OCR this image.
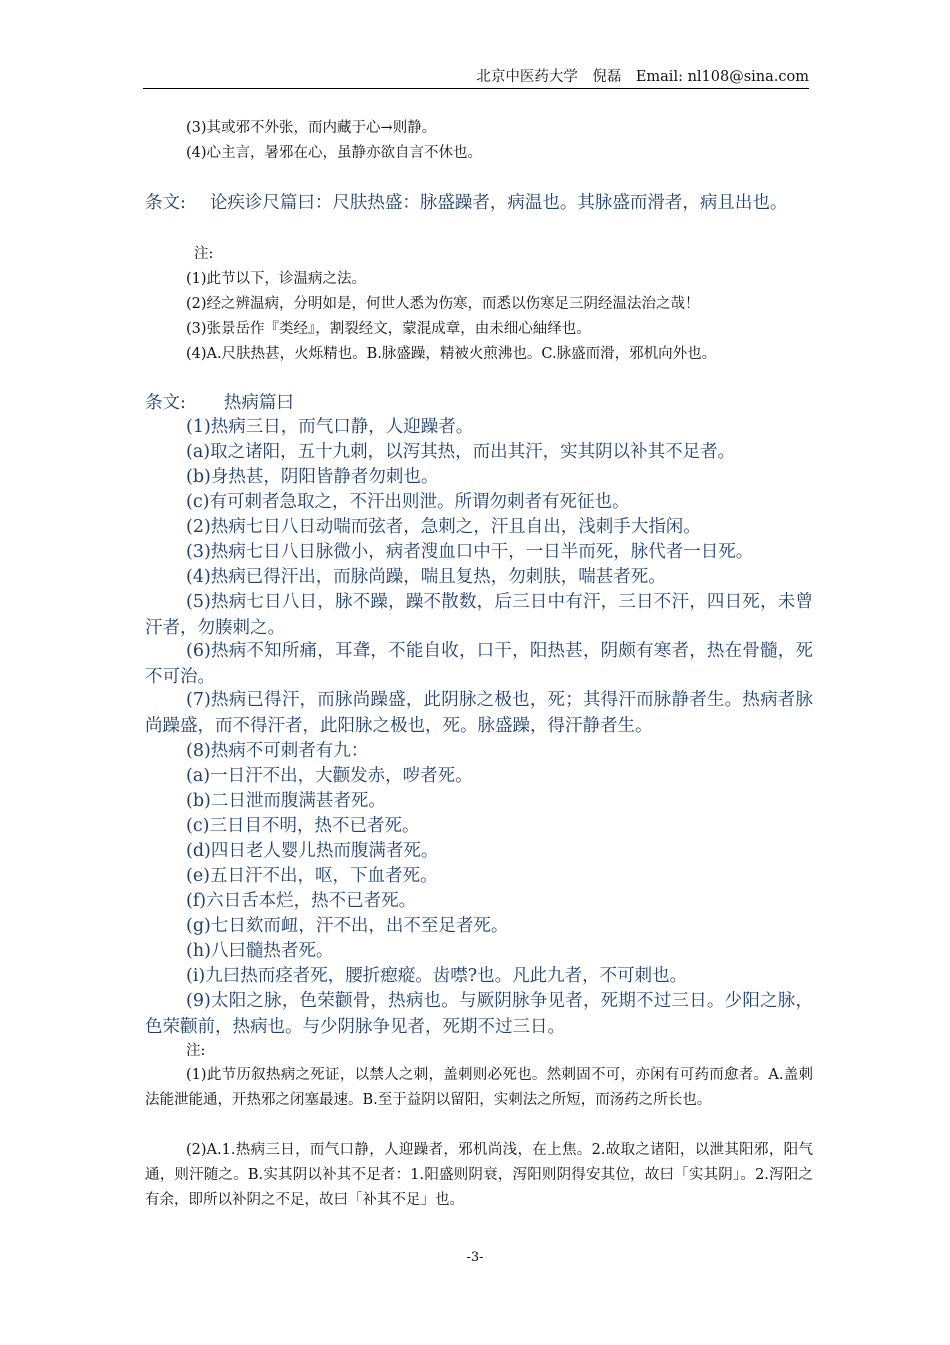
北京中医药大学　倪磊　Email: nl108@sina.com
(3)其或邪不外张，而内藏于心→则静。
(4)心主言，暑邪在心，虽静亦欲自言不休也。
条文: 论疾诊尺篇曰：尺肤热盛：脉盛躁者，病温也。其脉盛而滑者，病且出也。
注:
(1)此节以下，诊温病之法。
(2)经之辨温病，分明如是，何世人悉为伤寒，而悉以伤寒足三阴经温法治之哉！
(3)张景岳作『类经』，割裂经文，蒙混成章，由未细心紬绎也。
(4)A.尺肤热甚，火烁精也。B.脉盛躁，精被火煎沸也。C.脉盛而滑，邪机向外也。
条文: 热病篇曰
(1)热病三日，而气口静，人迎躁者。
(a)取之诸阳，五十九刺，以泻其热，而出其汗，实其阴以补其不足者。
(b)身热甚，阴阳皆静者勿刺也。
(c)有可刺者急取之，不汗出则泄。所谓勿刺者有死征也。
(2)热病七日八日动喘而弦者，急刺之，汗且自出，浅刺手大指闲。
(3)热病七日八日脉微小，病者溲血口中干，一日半而死，脉代者一日死。
(4)热病已得汗出，而脉尚躁，喘且复热，勿刺肤，喘甚者死。
(5)热病七日八日，脉不躁，躁不散数，后三日中有汗，三日不汗，四日死，未曾汗者，勿腠刺之。
(6)热病不知所痛，耳聋，不能自收，口干，阳热甚，阴颇有寒者，热在骨髓，死不可治。
(7)热病已得汗，而脉尚躁盛，此阴脉之极也，死；其得汗而脉静者生。热病者脉尚躁盛，而不得汗者，此阳脉之极也，死。脉盛躁，得汗静者生。
(8)热病不可刺者有九：
(a)一日汗不出，大颧发赤，哕者死。
(b)二日泄而腹满甚者死。
(c)三日目不明，热不已者死。
(d)四日老人婴儿热而腹满者死。
(e)五日汗不出，呕，下血者死。
(f)六日舌本烂，热不已者死。
(g)七日欬而衄，汗不出，出不至足者死。
(h)八曰髓热者死。
(i)九曰热而痉者死，腰折瘛瘲。齿噤?也。凡此九者，不可刺也。
(9)太阳之脉，色荣颧骨，热病也。与厥阴脉争见者，死期不过三日。少阳之脉，色荣颧前，热病也。与少阴脉争见者，死期不过三日。
注:
(1)此节历叙热病之死证，以禁人之刺，盖刺则必死也。然刺固不可，亦闲有可药而愈者。A.盖刺法能泄能通，开热邪之闭塞最速。B.至于益阴以留阳，实刺法之所短，而汤药之所长也。
(2)A.1.热病三日，而气口静，人迎躁者，邪机尚浅，在上焦。2.故取之诸阳，以泄其阳邪，阳气通，则汗随之。B.实其阴以补其不足者：1.阳盛则阴衰，泻阳则阴得安其位，故曰「实其阴」。2.泻阳之有余，即所以补阴之不足，故曰「补其不足」也。
-3-
